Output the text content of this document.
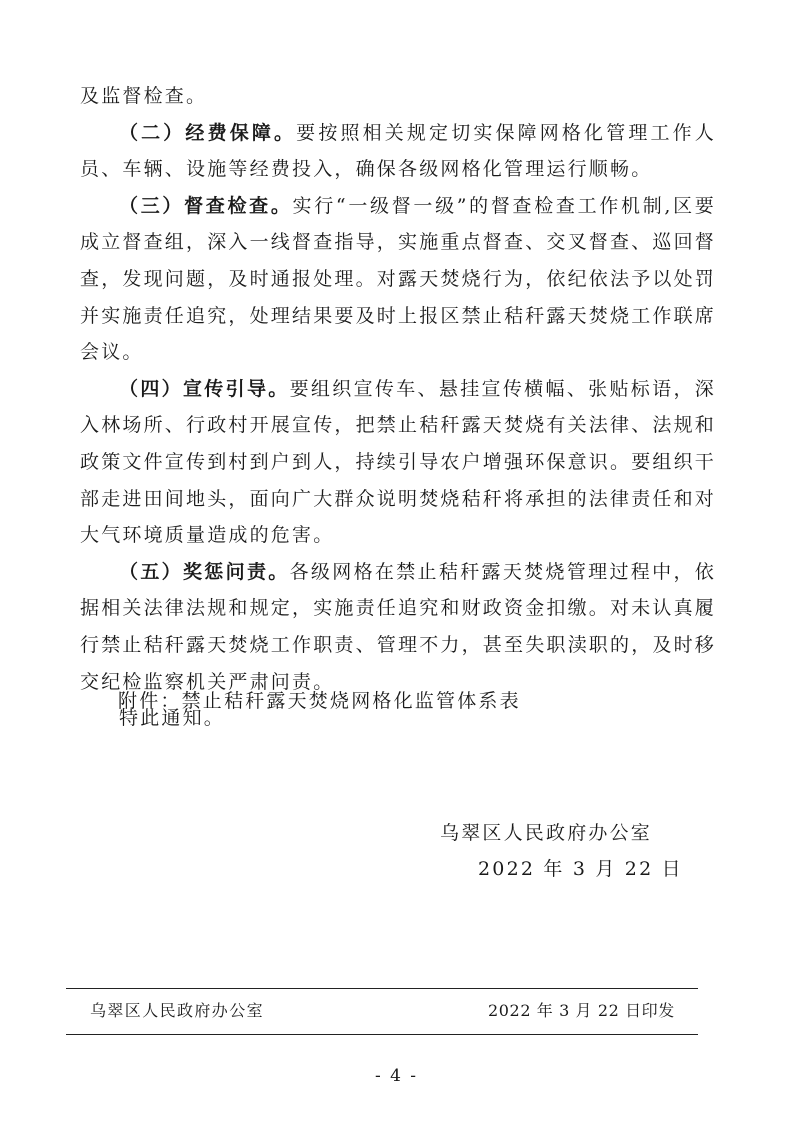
及监督检查。

（二）经费保障。要按照相关规定切实保障网格化管理工作人员、车辆、设施等经费投入，确保各级网格化管理运行顺畅。

（三）督查检查。实行“一级督一级”的督查检查工作机制,区要成立督查组，深入一线督查指导，实施重点督查、交叉督查、巡回督查，发现问题，及时通报处理。对露天焚烧行为，依纪依法予以处罚并实施责任追究，处理结果要及时上报区禁止秸秆露天焚烧工作联席会议。

（四）宣传引导。要组织宣传车、悬挂宣传横幅、张贴标语，深入林场所、行政村开展宣传，把禁止秸秆露天焚烧有关法律、法规和政策文件宣传到村到户到人，持续引导农户增强环保意识。要组织干部走进田间地头，面向广大群众说明焚烧秸秆将承担的法律责任和对大气环境质量造成的危害。

（五）奖惩问责。各级网格在禁止秸秆露天焚烧管理过程中，依据相关法律法规和规定，实施责任追究和财政资金扣缴。对未认真履行禁止秸秆露天焚烧工作职责、管理不力，甚至失职渎职的，及时移交纪检监察机关严肃问责。

特此通知。

附件：禁止秸秆露天焚烧网格化监管体系表
乌翠区人民政府办公室
2022 年 3 月 22 日
乌翠区人民政府办公室	2022 年 3 月 22 日印发
- 4 -
